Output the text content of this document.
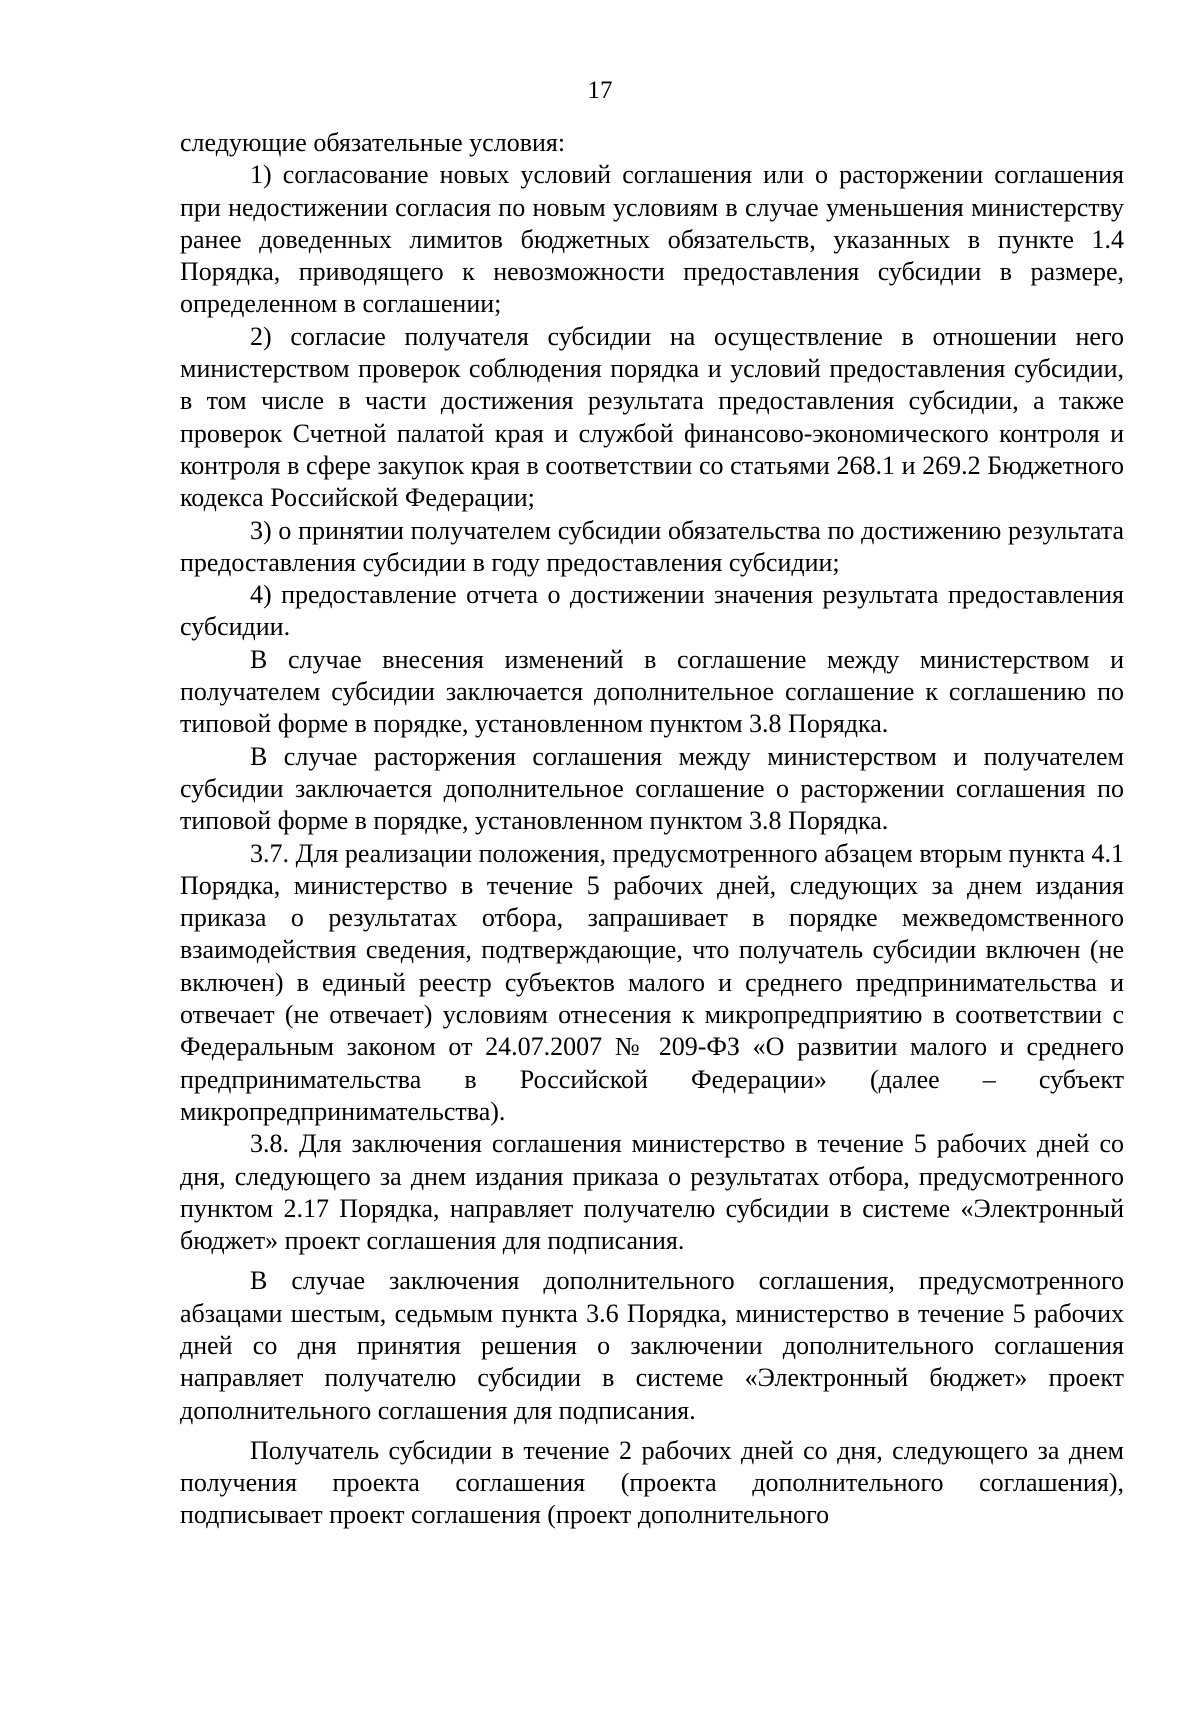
17

следующие обязательные условия:

1) согласование новых условий соглашения или о расторжении соглашения при недостижении согласия по новым условиям в случае уменьшения министерству ранее доведенных лимитов бюджетных обязательств, указанных в пункте 1.4 Порядка, приводящего к невозможности предоставления субсидии в размере, определенном в соглашении;

2) согласие получателя субсидии на осуществление в отношении него министерством проверок соблюдения порядка и условий предоставления субсидии, в том числе в части достижения результата предоставления субсидии, а также проверок Счетной палатой края и службой финансово-экономического контроля и контроля в сфере закупок края в соответствии со статьями 268.1 и 269.2 Бюджетного кодекса Российской Федерации;

3) о принятии получателем субсидии обязательства по достижению результата предоставления субсидии в году предоставления субсидии;

4) предоставление отчета о достижении значения результата предоставления субсидии.

В случае внесения изменений в соглашение между министерством и получателем субсидии заключается дополнительное соглашение к соглашению по типовой форме в порядке, установленном пунктом 3.8 Порядка.

В случае расторжения соглашения между министерством и получателем субсидии заключается дополнительное соглашение о расторжении соглашения по типовой форме в порядке, установленном пунктом 3.8 Порядка.

3.7. Для реализации положения, предусмотренного абзацем вторым пункта 4.1 Порядка, министерство в течение 5 рабочих дней, следующих за днем издания приказа о результатах отбора, запрашивает в порядке межведомственного взаимодействия сведения, подтверждающие, что получатель субсидии включен (не включен) в единый реестр субъектов малого и среднего предпринимательства и отвечает (не отвечает) условиям отнесения к микропредприятию в соответствии с Федеральным законом от 24.07.2007 № 209-ФЗ «О развитии малого и среднего предпринимательства в Российской Федерации» (далее – субъект микропредпринимательства).

3.8. Для заключения соглашения министерство в течение 5 рабочих дней со дня, следующего за днем издания приказа о результатах отбора, предусмотренного пунктом 2.17 Порядка, направляет получателю субсидии в системе «Электронный бюджет» проект соглашения для подписания.

В случае заключения дополнительного соглашения, предусмотренного абзацами шестым, седьмым пункта 3.6 Порядка, министерство в течение 5 рабочих дней со дня принятия решения о заключении дополнительного соглашения направляет получателю субсидии в системе «Электронный бюджет» проект дополнительного соглашения для подписания.

Получатель субсидии в течение 2 рабочих дней со дня, следующего за днем получения проекта соглашения (проекта дополнительного соглашения), подписывает проект соглашения (проект дополнительного
